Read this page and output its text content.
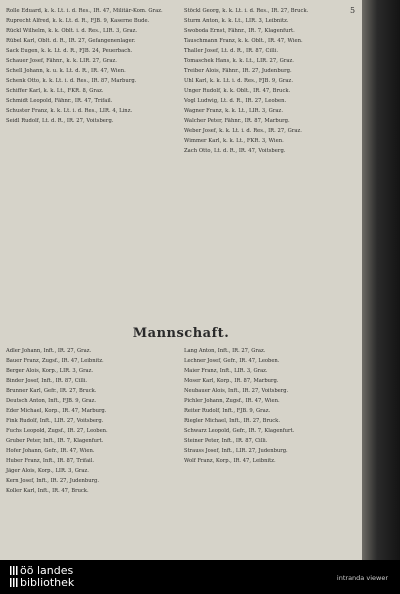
5
Rolle Eduard, k. k. Lt. i. d. Res., IR. 47, Militär-Kom. Graz.
Ruprecht Alfred, k. k. Lt. d. R., FJB. 9, Kaserne Bude.
Rückl Wilhelm, k. k. Oblt. i. d. Res., LIR. 3, Graz.
Rübel Karl, Oblt. d. R., IR. 27, Gefangenenlager.
Sack Eugen, k. k. Lt. d. R., FJB. 24, Peuerbach.
Schauer Josef, Fähnr., k. k. LIR. 27, Graz.
Schell Johann, k. u. k. Lt. d. R., IR. 47, Wien.
Schenk Otto, k. k. Lt. i. d. Res., IR. 87, Marburg.
Schiffer Karl, k. k. Lt., FKR. 8, Graz.
Schmidt Leopold, Fähnr., IR. 47, Trifail.
Schuster Franz, k. k. Lt. i. d. Res., LIR. 4, Linz.
Seidl Rudolf, Lt. d. R., IR. 27, Voitsberg.
Stöckl Georg, k. k. Lt. i. d. Res., IR. 27, Bruck.
Sturm Anton, k. k. Lt., LIR. 3, Leibnitz.
Swoboda Ernst, Fähnr., IR. 7, Klagenfurt.
Tauschmann Franz, k. k. Oblt., IR. 47, Wien.
Thaller Josef, Lt. d. R., IR. 87, Cilli.
Tomaschek Hans, k. k. Lt., LIR. 27, Graz.
Treiber Alois, Fähnr., IR. 27, Judenburg.
Uhl Karl, k. k. Lt. i. d. Res., FJB. 9, Graz.
Unger Rudolf, k. k. Oblt., IR. 47, Bruck.
Vogl Ludwig, Lt. d. R., IR. 27, Leoben.
Wagner Franz, k. k. Lt., LIR. 3, Graz.
Walcher Peter, Fähnr., IR. 87, Marburg.
Weber Josef, k. k. Lt. i. d. Res., IR. 27, Graz.
Wimmer Karl, k. k. Lt., FKR. 3, Wien.
Zach Otto, Lt. d. R., IR. 47, Voitsberg.
Mannschaft.
Adler Johann, Inft., IR. 27, Graz.
Bauer Franz, Zugsf., IR. 47, Leibnitz.
Berger Alois, Korp., LIR. 3, Graz.
Binder Josef, Inft., IR. 87, Cilli.
Brunner Karl, Gefr., IR. 27, Bruck.
Deutsch Anton, Inft., FJB. 9, Graz.
Eder Michael, Korp., IR. 47, Marburg.
Fink Rudolf, Inft., LIR. 27, Voitsberg.
Fuchs Leopold, Zugsf., IR. 27, Leoben.
Gruber Peter, Inft., IR. 7, Klagenfurt.
Hofer Johann, Gefr., IR. 47, Wien.
Huber Franz, Inft., IR. 87, Trifail.
Jäger Alois, Korp., LIR. 3, Graz.
Kern Josef, Inft., IR. 27, Judenburg.
Koller Karl, Inft., IR. 47, Bruck.
Lang Anton, Inft., IR. 27, Graz.
Lechner Josef, Gefr., IR. 47, Leoben.
Maier Franz, Inft., LIR. 3, Graz.
Moser Karl, Korp., IR. 87, Marburg.
Neubauer Alois, Inft., IR. 27, Voitsberg.
Pichler Johann, Zugsf., IR. 47, Wien.
Reiter Rudolf, Inft., FJB. 9, Graz.
Riegler Michael, Inft., IR. 27, Bruck.
Schwarz Leopold, Gefr., IR. 7, Klagenfurt.
Steiner Peter, Inft., IR. 87, Cilli.
Strauss Josef, Inft., LIR. 27, Judenburg.
Wolf Franz, Korp., IR. 47, Leibnitz.
öö landes
bibliothek	intranda viewer
